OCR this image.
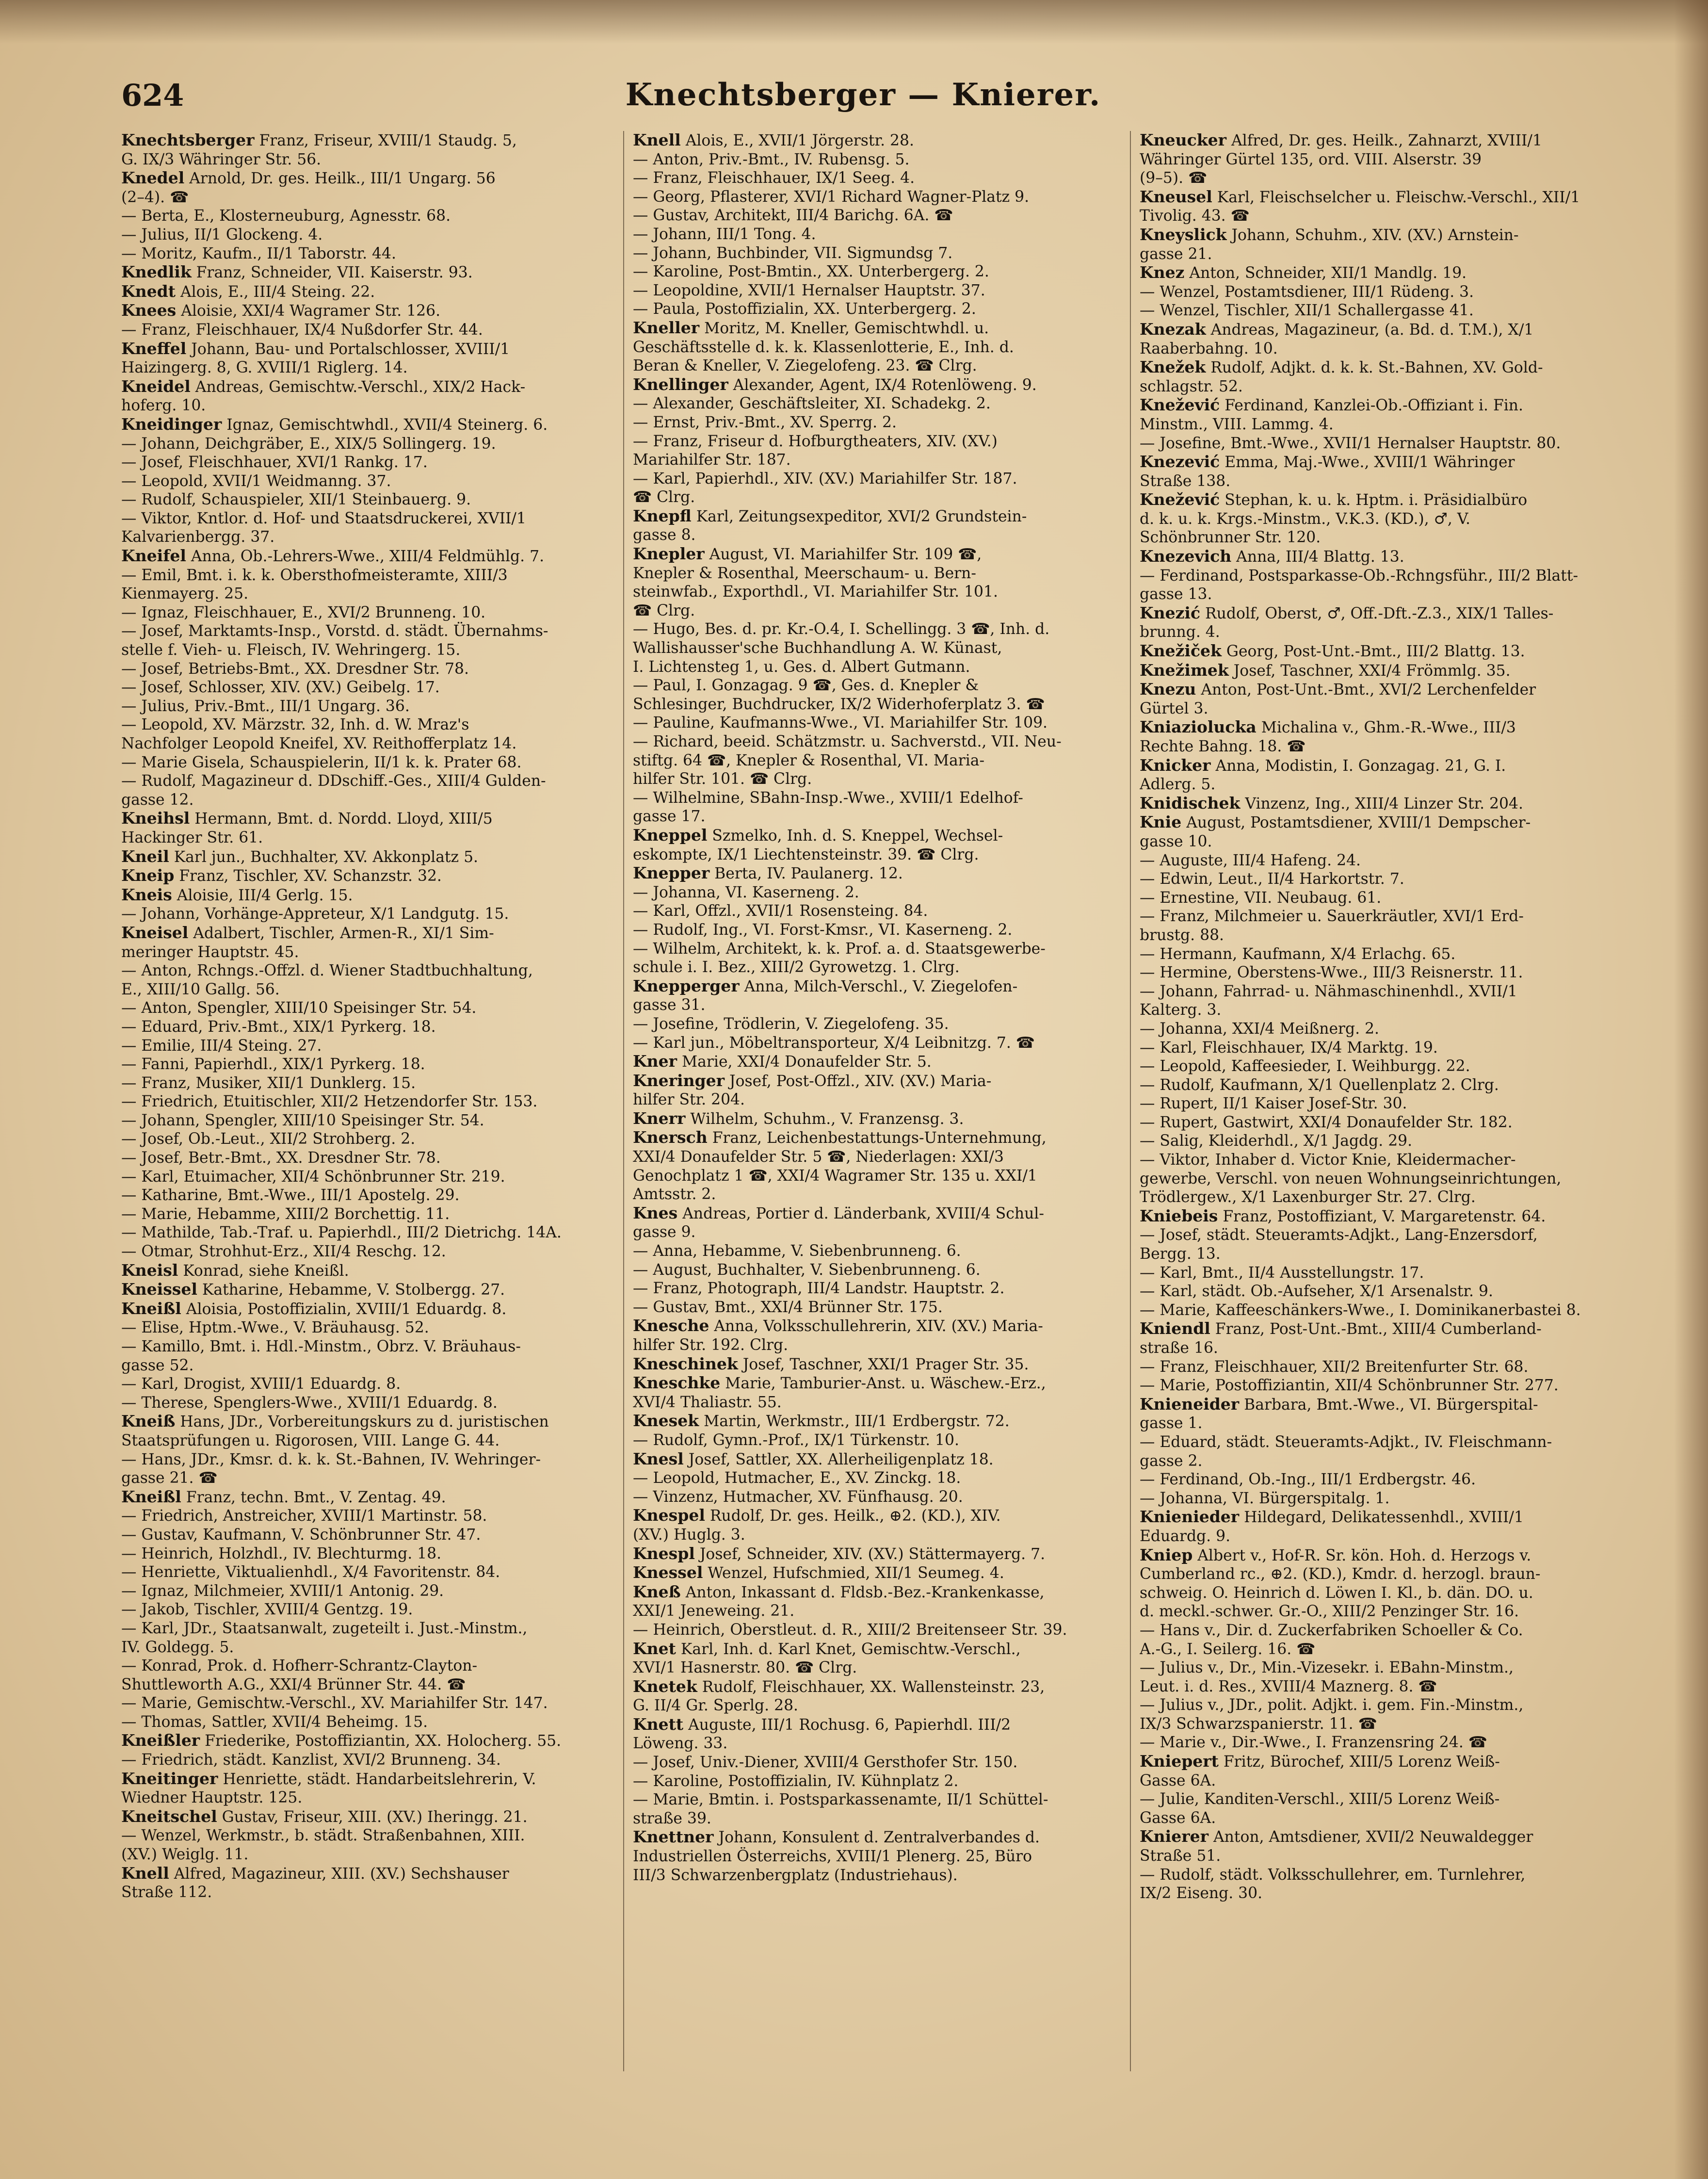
624	Knechtsberger — Knierer.
Knechtsberger Franz, Friseur, XVIII/1 Staudg. 5,
G. IX/3 Währinger Str. 56.
Knedel Arnold, Dr. ges. Heilk., III/1 Ungarg. 56
(2–4). ☎
— Berta, E., Klosterneuburg, Agnesstr. 68.
— Julius, II/1 Glockeng. 4.
— Moritz, Kaufm., II/1 Taborstr. 44.
Knedlik Franz, Schneider, VII. Kaiserstr. 93.
Knedt Alois, E., III/4 Steing. 22.
Knees Aloisie, XXI/4 Wagramer Str. 126.
— Franz, Fleischhauer, IX/4 Nußdorfer Str. 44.
Kneffel Johann, Bau- und Portalschlosser, XVIII/1
Haizingerg. 8, G. XVIII/1 Riglerg. 14.
Kneidel Andreas, Gemischtw.-Verschl., XIX/2 Hack-
hoferg. 10.
Kneidinger Ignaz, Gemischtwhdl., XVII/4 Steinerg. 6.
— Johann, Deichgräber, E., XIX/5 Sollingerg. 19.
— Josef, Fleischhauer, XVI/1 Rankg. 17.
— Leopold, XVII/1 Weidmanng. 37.
— Rudolf, Schauspieler, XII/1 Steinbauerg. 9.
— Viktor, Kntlor. d. Hof- und Staatsdruckerei, XVII/1
Kalvarienbergg. 37.
Kneifel Anna, Ob.-Lehrers-Wwe., XIII/4 Feldmühlg. 7.
— Emil, Bmt. i. k. k. Obersthofmeisteramte, XIII/3
Kienmayerg. 25.
— Ignaz, Fleischhauer, E., XVI/2 Brunneng. 10.
— Josef, Marktamts-Insp., Vorstd. d. städt. Übernahms-
stelle f. Vieh- u. Fleisch, IV. Wehringerg. 15.
— Josef, Betriebs-Bmt., XX. Dresdner Str. 78.
— Josef, Schlosser, XIV. (XV.) Geibelg. 17.
— Julius, Priv.-Bmt., III/1 Ungarg. 36.
— Leopold, XV. Märzstr. 32, Inh. d. W. Mraz's
Nachfolger Leopold Kneifel, XV. Reithofferplatz 14.
— Marie Gisela, Schauspielerin, II/1 k. k. Prater 68.
— Rudolf, Magazineur d. DDschiff.-Ges., XIII/4 Gulden-
gasse 12.
Kneihsl Hermann, Bmt. d. Nordd. Lloyd, XIII/5
Hackinger Str. 61.
Kneil Karl jun., Buchhalter, XV. Akkonplatz 5.
Kneip Franz, Tischler, XV. Schanzstr. 32.
Kneis Aloisie, III/4 Gerlg. 15.
— Johann, Vorhänge-Appreteur, X/1 Landgutg. 15.
Kneisel Adalbert, Tischler, Armen-R., XI/1 Sim-
meringer Hauptstr. 45.
— Anton, Rchngs.-Offzl. d. Wiener Stadtbuchhaltung,
E., XIII/10 Gallg. 56.
— Anton, Spengler, XIII/10 Speisinger Str. 54.
— Eduard, Priv.-Bmt., XIX/1 Pyrkerg. 18.
— Emilie, III/4 Steing. 27.
— Fanni, Papierhdl., XIX/1 Pyrkerg. 18.
— Franz, Musiker, XII/1 Dunklerg. 15.
— Friedrich, Etuitischler, XII/2 Hetzendorfer Str. 153.
— Johann, Spengler, XIII/10 Speisinger Str. 54.
— Josef, Ob.-Leut., XII/2 Strohberg. 2.
— Josef, Betr.-Bmt., XX. Dresdner Str. 78.
— Karl, Etuimacher, XII/4 Schönbrunner Str. 219.
— Katharine, Bmt.-Wwe., III/1 Apostelg. 29.
— Marie, Hebamme, XIII/2 Borchettig. 11.
— Mathilde, Tab.-Traf. u. Papierhdl., III/2 Dietrichg. 14A.
— Otmar, Strohhut-Erz., XII/4 Reschg. 12.
Kneisl Konrad, siehe Kneißl.
Kneissel Katharine, Hebamme, V. Stolbergg. 27.
Kneißl Aloisia, Postoffizialin, XVIII/1 Eduardg. 8.
— Elise, Hptm.-Wwe., V. Bräuhausg. 52.
— Kamillo, Bmt. i. Hdl.-Minstm., Obrz. V. Bräuhaus-
gasse 52.
— Karl, Drogist, XVIII/1 Eduardg. 8.
— Therese, Spenglers-Wwe., XVIII/1 Eduardg. 8.
Kneiß Hans, JDr., Vorbereitungskurs zu d. juristischen
Staatsprüfungen u. Rigorosen, VIII. Lange G. 44.
— Hans, JDr., Kmsr. d. k. k. St.-Bahnen, IV. Wehringer-
gasse 21. ☎
Kneißl Franz, techn. Bmt., V. Zentag. 49.
— Friedrich, Anstreicher, XVIII/1 Martinstr. 58.
— Gustav, Kaufmann, V. Schönbrunner Str. 47.
— Heinrich, Holzhdl., IV. Blechturmg. 18.
— Henriette, Viktualienhdl., X/4 Favoritenstr. 84.
— Ignaz, Milchmeier, XVIII/1 Antonig. 29.
— Jakob, Tischler, XVIII/4 Gentzg. 19.
— Karl, JDr., Staatsanwalt, zugeteilt i. Just.-Minstm.,
IV. Goldegg. 5.
— Konrad, Prok. d. Hofherr-Schrantz-Clayton-
Shuttleworth A.G., XXI/4 Brünner Str. 44. ☎
— Marie, Gemischtw.-Verschl., XV. Mariahilfer Str. 147.
— Thomas, Sattler, XVII/4 Beheimg. 15.
Kneißler Friederike, Postoffiziantin, XX. Holocherg. 55.
— Friedrich, städt. Kanzlist, XVI/2 Brunneng. 34.
Kneitinger Henriette, städt. Handarbeitslehrerin, V.
Wiedner Hauptstr. 125.
Kneitschel Gustav, Friseur, XIII. (XV.) Iheringg. 21.
— Wenzel, Werkmstr., b. städt. Straßenbahnen, XIII.
(XV.) Weiglg. 11.
Knell Alfred, Magazineur, XIII. (XV.) Sechshauser
Straße 112.
Knell Alois, E., XVII/1 Jörgerstr. 28.
— Anton, Priv.-Bmt., IV. Rubensg. 5.
— Franz, Fleischhauer, IX/1 Seeg. 4.
— Georg, Pflasterer, XVI/1 Richard Wagner-Platz 9.
— Gustav, Architekt, III/4 Barichg. 6A. ☎
— Johann, III/1 Tong. 4.
— Johann, Buchbinder, VII. Sigmundsg 7.
— Karoline, Post-Bmtin., XX. Unterbergerg. 2.
— Leopoldine, XVII/1 Hernalser Hauptstr. 37.
— Paula, Postoffizialin, XX. Unterbergerg. 2.
Kneller Moritz, M. Kneller, Gemischtwhdl. u.
Geschäftsstelle d. k. k. Klassenlotterie, E., Inh. d.
Beran & Kneller, V. Ziegelofeng. 23. ☎ Clrg.
Knellinger Alexander, Agent, IX/4 Rotenlöweng. 9.
— Alexander, Geschäftsleiter, XI. Schadekg. 2.
— Ernst, Priv.-Bmt., XV. Sperrg. 2.
— Franz, Friseur d. Hofburgtheaters, XIV. (XV.)
Mariahilfer Str. 187.
— Karl, Papierhdl., XIV. (XV.) Mariahilfer Str. 187.
☎ Clrg.
Knepfl Karl, Zeitungsexpeditor, XVI/2 Grundstein-
gasse 8.
Knepler August, VI. Mariahilfer Str. 109 ☎,
Knepler & Rosenthal, Meerschaum- u. Bern-
steinwfab., Exporthdl., VI. Mariahilfer Str. 101.
☎ Clrg.
— Hugo, Bes. d. pr. Kr.-O.4, I. Schellingg. 3 ☎, Inh. d.
Wallishausser'sche Buchhandlung A. W. Künast,
I. Lichtensteg 1, u. Ges. d. Albert Gutmann.
— Paul, I. Gonzagag. 9 ☎, Ges. d. Knepler &
Schlesinger, Buchdrucker, IX/2 Widerhoferplatz 3. ☎
— Pauline, Kaufmanns-Wwe., VI. Mariahilfer Str. 109.
— Richard, beeid. Schätzmstr. u. Sachverstd., VII. Neu-
stiftg. 64 ☎, Knepler & Rosenthal, VI. Maria-
hilfer Str. 101. ☎ Clrg.
— Wilhelmine, SBahn-Insp.-Wwe., XVIII/1 Edelhof-
gasse 17.
Kneppel Szmelko, Inh. d. S. Kneppel, Wechsel-
eskompte, IX/1 Liechtensteinstr. 39. ☎ Clrg.
Knepper Berta, IV. Paulanerg. 12.
— Johanna, VI. Kaserneng. 2.
— Karl, Offzl., XVII/1 Rosensteing. 84.
— Rudolf, Ing., VI. Forst-Kmsr., VI. Kaserneng. 2.
— Wilhelm, Architekt, k. k. Prof. a. d. Staatsgewerbe-
schule i. I. Bez., XIII/2 Gyrowetzg. 1. Clrg.
Knepperger Anna, Milch-Verschl., V. Ziegelofen-
gasse 31.
— Josefine, Trödlerin, V. Ziegelofeng. 35.
— Karl jun., Möbeltransporteur, X/4 Leibnitzg. 7. ☎
Kner Marie, XXI/4 Donaufelder Str. 5.
Kneringer Josef, Post-Offzl., XIV. (XV.) Maria-
hilfer Str. 204.
Knerr Wilhelm, Schuhm., V. Franzensg. 3.
Knersch Franz, Leichenbestattungs-Unternehmung,
XXI/4 Donaufelder Str. 5 ☎, Niederlagen: XXI/3
Genochplatz 1 ☎, XXI/4 Wagramer Str. 135 u. XXI/1
Amtsstr. 2.
Knes Andreas, Portier d. Länderbank, XVIII/4 Schul-
gasse 9.
— Anna, Hebamme, V. Siebenbrunneng. 6.
— August, Buchhalter, V. Siebenbrunneng. 6.
— Franz, Photograph, III/4 Landstr. Hauptstr. 2.
— Gustav, Bmt., XXI/4 Brünner Str. 175.
Knesche Anna, Volksschullehrerin, XIV. (XV.) Maria-
hilfer Str. 192. Clrg.
Kneschinek Josef, Taschner, XXI/1 Prager Str. 35.
Kneschke Marie, Tamburier-Anst. u. Wäschew.-Erz.,
XVI/4 Thaliastr. 55.
Knesek Martin, Werkmstr., III/1 Erdbergstr. 72.
— Rudolf, Gymn.-Prof., IX/1 Türkenstr. 10.
Knesl Josef, Sattler, XX. Allerheiligenplatz 18.
— Leopold, Hutmacher, E., XV. Zinckg. 18.
— Vinzenz, Hutmacher, XV. Fünfhausg. 20.
Knespel Rudolf, Dr. ges. Heilk., ⊕2. (KD.), XIV.
(XV.) Huglg. 3.
Knespl Josef, Schneider, XIV. (XV.) Stättermayerg. 7.
Knessel Wenzel, Hufschmied, XII/1 Seumeg. 4.
Kneß Anton, Inkassant d. Fldsb.-Bez.-Krankenkasse,
XXI/1 Jeneweing. 21.
— Heinrich, Oberstleut. d. R., XIII/2 Breitenseer Str. 39.
Knet Karl, Inh. d. Karl Knet, Gemischtw.-Verschl.,
XVI/1 Hasnerstr. 80. ☎ Clrg.
Knetek Rudolf, Fleischhauer, XX. Wallensteinstr. 23,
G. II/4 Gr. Sperlg. 28.
Knett Auguste, III/1 Rochusg. 6, Papierhdl. III/2
Löweng. 33.
— Josef, Univ.-Diener, XVIII/4 Gersthofer Str. 150.
— Karoline, Postoffizialin, IV. Kühnplatz 2.
— Marie, Bmtin. i. Postsparkassenamte, II/1 Schüttel-
straße 39.
Knettner Johann, Konsulent d. Zentralverbandes d.
Industriellen Österreichs, XVIII/1 Plenerg. 25, Büro
III/3 Schwarzenbergplatz (Industriehaus).
Kneucker Alfred, Dr. ges. Heilk., Zahnarzt, XVIII/1
Währinger Gürtel 135, ord. VIII. Alserstr. 39
(9–5). ☎
Kneusel Karl, Fleischselcher u. Fleischw.-Verschl., XII/1
Tivolig. 43. ☎
Kneyslick Johann, Schuhm., XIV. (XV.) Arnstein-
gasse 21.
Knez Anton, Schneider, XII/1 Mandlg. 19.
— Wenzel, Postamtsdiener, III/1 Rüdeng. 3.
— Wenzel, Tischler, XII/1 Schallergasse 41.
Knezak Andreas, Magazineur, (a. Bd. d. T.M.), X/1
Raaberbahng. 10.
Knežek Rudolf, Adjkt. d. k. k. St.-Bahnen, XV. Gold-
schlagstr. 52.
Knežević Ferdinand, Kanzlei-Ob.-Offiziant i. Fin.
Minstm., VIII. Lammg. 4.
— Josefine, Bmt.-Wwe., XVII/1 Hernalser Hauptstr. 80.
Knezević Emma, Maj.-Wwe., XVIII/1 Währinger
Straße 138.
Knežević Stephan, k. u. k. Hptm. i. Präsidialbüro
d. k. u. k. Krgs.-Minstm., V.K.3. (KD.), ♂, V.
Schönbrunner Str. 120.
Knezevich Anna, III/4 Blattg. 13.
— Ferdinand, Postsparkasse-Ob.-Rchngsführ., III/2 Blatt-
gasse 13.
Knezić Rudolf, Oberst, ♂, Off.-Dft.-Z.3., XIX/1 Talles-
brunng. 4.
Knežiček Georg, Post-Unt.-Bmt., III/2 Blattg. 13.
Knežimek Josef, Taschner, XXI/4 Frömmlg. 35.
Knezu Anton, Post-Unt.-Bmt., XVI/2 Lerchenfelder
Gürtel 3.
Kniaziolucka Michalina v., Ghm.-R.-Wwe., III/3
Rechte Bahng. 18. ☎
Knicker Anna, Modistin, I. Gonzagag. 21, G. I.
Adlerg. 5.
Knidischek Vinzenz, Ing., XIII/4 Linzer Str. 204.
Knie August, Postamtsdiener, XVIII/1 Dempscher-
gasse 10.
— Auguste, III/4 Hafeng. 24.
— Edwin, Leut., II/4 Harkortstr. 7.
— Ernestine, VII. Neubaug. 61.
— Franz, Milchmeier u. Sauerkräutler, XVI/1 Erd-
brustg. 88.
— Hermann, Kaufmann, X/4 Erlachg. 65.
— Hermine, Oberstens-Wwe., III/3 Reisnerstr. 11.
— Johann, Fahrrad- u. Nähmaschinenhdl., XVII/1
Kalterg. 3.
— Johanna, XXI/4 Meißnerg. 2.
— Karl, Fleischhauer, IX/4 Marktg. 19.
— Leopold, Kaffeesieder, I. Weihburgg. 22.
— Rudolf, Kaufmann, X/1 Quellenplatz 2. Clrg.
— Rupert, II/1 Kaiser Josef-Str. 30.
— Rupert, Gastwirt, XXI/4 Donaufelder Str. 182.
— Salig, Kleiderhdl., X/1 Jagdg. 29.
— Viktor, Inhaber d. Victor Knie, Kleidermacher-
gewerbe, Verschl. von neuen Wohnungseinrichtungen,
Trödlergew., X/1 Laxenburger Str. 27. Clrg.
Kniebeis Franz, Postoffiziant, V. Margaretenstr. 64.
— Josef, städt. Steueramts-Adjkt., Lang-Enzersdorf,
Bergg. 13.
— Karl, Bmt., II/4 Ausstellungstr. 17.
— Karl, städt. Ob.-Aufseher, X/1 Arsenalstr. 9.
— Marie, Kaffeeschänkers-Wwe., I. Dominikanerbastei 8.
Kniendl Franz, Post-Unt.-Bmt., XIII/4 Cumberland-
straße 16.
— Franz, Fleischhauer, XII/2 Breitenfurter Str. 68.
— Marie, Postoffiziantin, XII/4 Schönbrunner Str. 277.
Knieneider Barbara, Bmt.-Wwe., VI. Bürgerspital-
gasse 1.
— Eduard, städt. Steueramts-Adjkt., IV. Fleischmann-
gasse 2.
— Ferdinand, Ob.-Ing., III/1 Erdbergstr. 46.
— Johanna, VI. Bürgerspitalg. 1.
Knienieder Hildegard, Delikatessenhdl., XVIII/1
Eduardg. 9.
Kniep Albert v., Hof-R. Sr. kön. Hoh. d. Herzogs v.
Cumberland rc., ⊕2. (KD.), Kmdr. d. herzogl. braun-
schweig. O. Heinrich d. Löwen I. Kl., b. dän. DO. u.
d. meckl.-schwer. Gr.-O., XIII/2 Penzinger Str. 16.
— Hans v., Dir. d. Zuckerfabriken Schoeller & Co.
A.-G., I. Seilerg. 16. ☎
— Julius v., Dr., Min.-Vizesekr. i. EBahn-Minstm.,
Leut. i. d. Res., XVIII/4 Maznerg. 8. ☎
— Julius v., JDr., polit. Adjkt. i. gem. Fin.-Minstm.,
IX/3 Schwarzspanierstr. 11. ☎
— Marie v., Dir.-Wwe., I. Franzensring 24. ☎
Kniepert Fritz, Bürochef, XIII/5 Lorenz Weiß-
Gasse 6A.
— Julie, Kanditen-Verschl., XIII/5 Lorenz Weiß-
Gasse 6A.
Knierer Anton, Amtsdiener, XVII/2 Neuwaldegger
Straße 51.
— Rudolf, städt. Volksschullehrer, em. Turnlehrer,
IX/2 Eiseng. 30.
